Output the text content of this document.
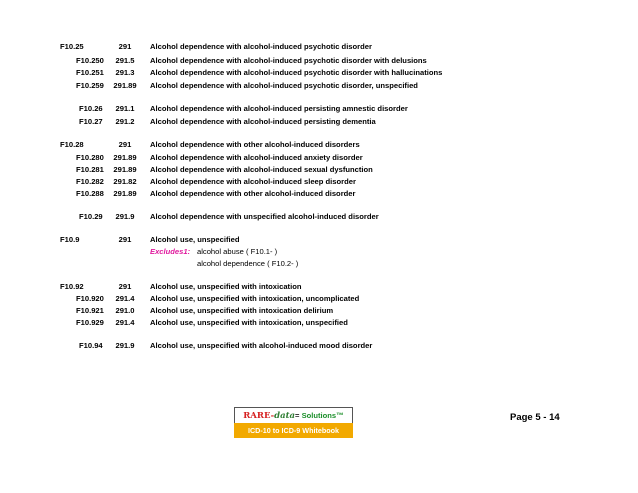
F10.25	291	Alcohol dependence with alcohol-induced psychotic disorder
F10.250	291.5	Alcohol dependence with alcohol-induced psychotic disorder with delusions
F10.251	291.3	Alcohol dependence with alcohol-induced psychotic disorder with hallucinations
F10.259	291.89	Alcohol dependence with alcohol-induced psychotic disorder, unspecified
F10.26	291.1	Alcohol dependence with alcohol-induced persisting amnestic disorder
F10.27	291.2	Alcohol dependence with alcohol-induced persisting dementia
F10.28	291	Alcohol dependence with other alcohol-induced disorders
F10.280	291.89	Alcohol dependence with alcohol-induced anxiety disorder
F10.281	291.89	Alcohol dependence with alcohol-induced sexual dysfunction
F10.282	291.82	Alcohol dependence with alcohol-induced sleep disorder
F10.288	291.89	Alcohol dependence with other alcohol-induced disorder
F10.29	291.9	Alcohol dependence with unspecified alcohol-induced disorder
F10.9	291	Alcohol use, unspecified
Excludes1: alcohol abuse ( F10.1- )
alcohol dependence ( F10.2- )
F10.92	291	Alcohol use, unspecified with intoxication
F10.920	291.4	Alcohol use, unspecified with intoxication, uncomplicated
F10.921	291.0	Alcohol use, unspecified with intoxication delirium
F10.929	291.4	Alcohol use, unspecified with intoxication, unspecified
F10.94	291.9	Alcohol use, unspecified with alcohol-induced mood disorder
RARE-data= Solutions™
ICD-10 to ICD-9 Whitebook
Page 5 - 14
